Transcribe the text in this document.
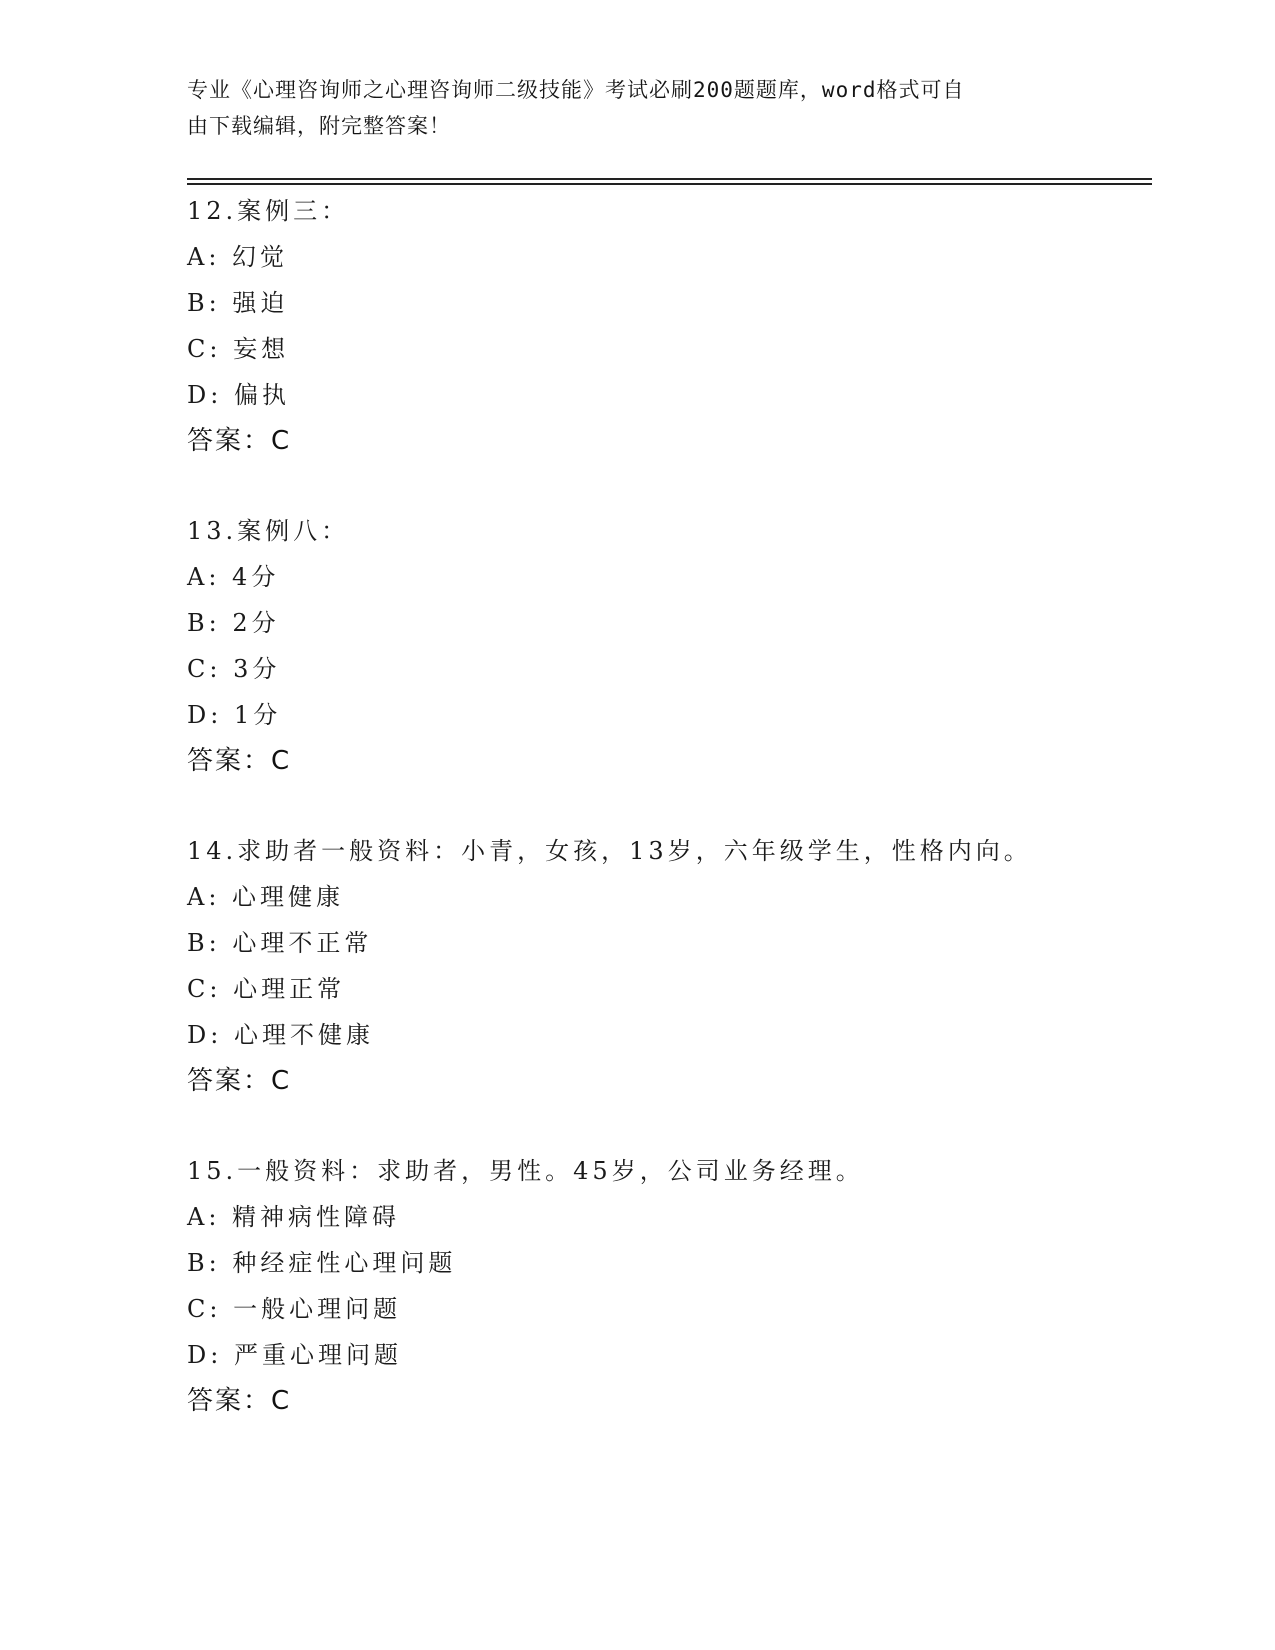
专业《心理咨询师之心理咨询师二级技能》考试必刷200题题库，word格式可自
由下载编辑，附完整答案！
12.案例三：
A: 幻觉
B: 强迫
C: 妄想
D: 偏执
答案：C
13.案例八：
A: 4分
B: 2分
C: 3分
D: 1分
答案：C
14.求助者一般资料：小青，女孩，13岁，六年级学生，性格内向。
A: 心理健康
B: 心理不正常
C: 心理正常
D: 心理不健康
答案：C
15.一般资料：求助者，男性。45岁，公司业务经理。
A: 精神病性障碍
B: 种经症性心理问题
C: 一般心理问题
D: 严重心理问题
答案：C
